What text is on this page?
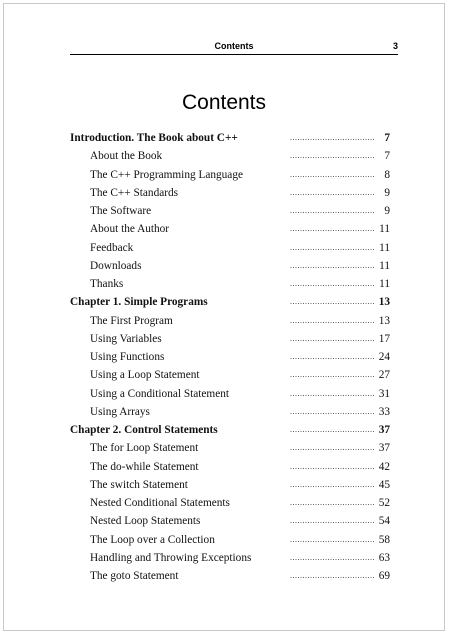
Contents	3
Contents
Introduction. The Book about C++	.................................. 7
About the Book	.................................. 7
The C++ Programming Language	.................................. 8
The C++ Standards	.................................. 9
The Software	.................................. 9
About the Author	.................................. 11
Feedback	.................................. 11
Downloads	.................................. 11
Thanks	.................................. 11
Chapter 1. Simple Programs	.................................. 13
The First Program	.................................. 13
Using Variables	.................................. 17
Using Functions	.................................. 24
Using a Loop Statement	.................................. 27
Using a Conditional Statement	.................................. 31
Using Arrays	.................................. 33
Chapter 2. Control Statements	.................................. 37
The for Loop Statement	.................................. 37
The do-while Statement	.................................. 42
The switch Statement	.................................. 45
Nested Conditional Statements	.................................. 52
Nested Loop Statements	.................................. 54
The Loop over a Collection	.................................. 58
Handling and Throwing Exceptions	.................................. 63
The goto Statement	.................................. 69
